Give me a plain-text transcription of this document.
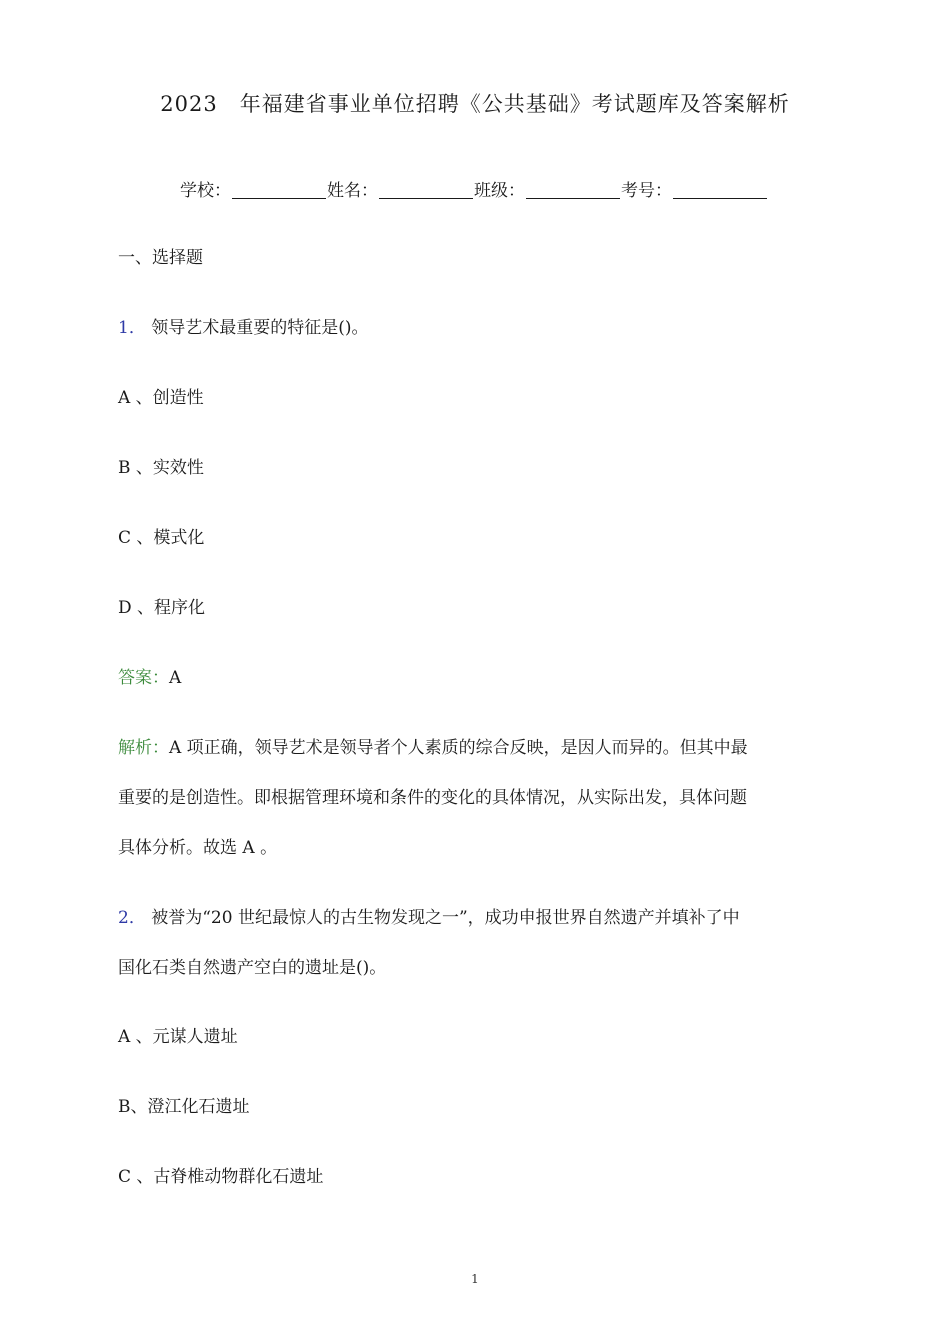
2023　年福建省事业单位招聘《公共基础》考试题库及答案解析
学校：	姓名：	班级：	考号：
一、选择题
1． 领导艺术最重要的特征是()。
A 、创造性
B 、实效性
C 、模式化
D 、程序化
答案：A
解析：A 项正确，领导艺术是领导者个人素质的综合反映，是因人而异的。但其中最
重要的是创造性。即根据管理环境和条件的变化的具体情况，从实际出发，具体问题
具体分析。故选 A 。
2． 被誉为“20 世纪最惊人的古生物发现之一”，成功申报世界自然遗产并填补了中
国化石类自然遗产空白的遗址是()。
A 、元谋人遗址
B、澄江化石遗址
C 、古脊椎动物群化石遗址
1
